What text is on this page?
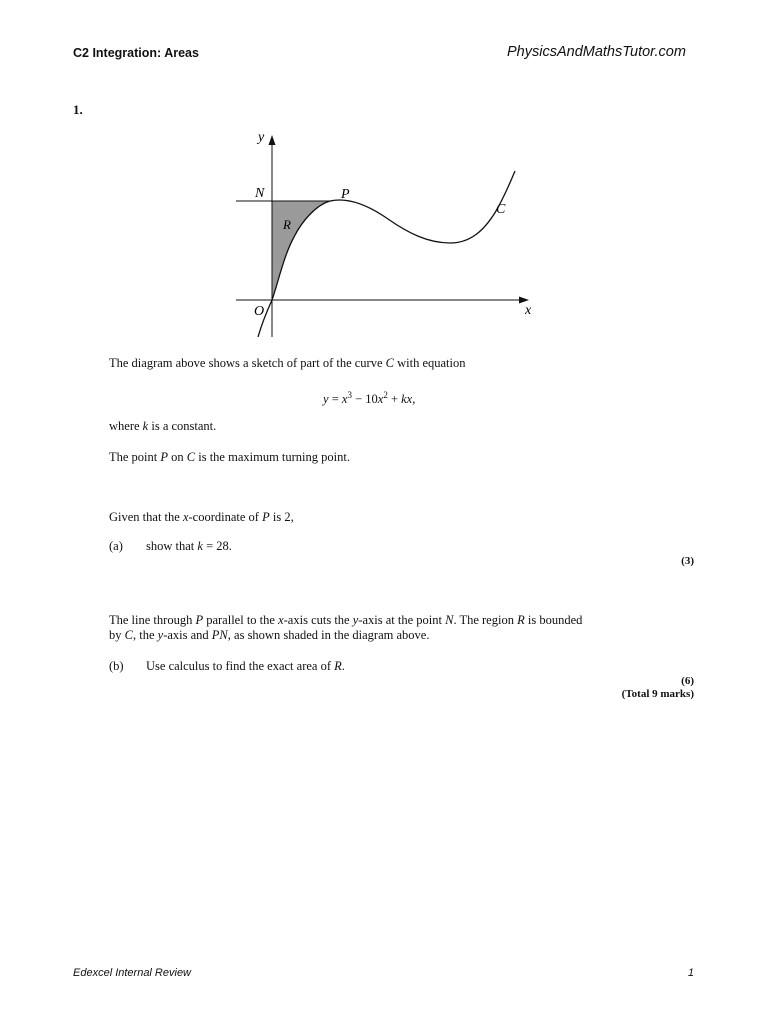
C2 Integration: Areas	PhysicsAndMathsTutor.com
1.
y
N	P
C
R
O	x
The diagram above shows a sketch of part of the curve C with equation
$y = x^3 - 10x^2$ + kx,
where k is a constant.
The point P on C is the maximum turning point.
Given that the x-coordinate of P is 2,
(a) show that k = 28.
(3)
The line through P parallel to the x-axis cuts the y-axis at the point N. The region R is bounded
by C, the y-axis and PN, as shown shaded in the diagram above.
(b) Use calculus to find the exact area of R.
(6)
(Total 9 marks)
Edexcel Internal Review	1
